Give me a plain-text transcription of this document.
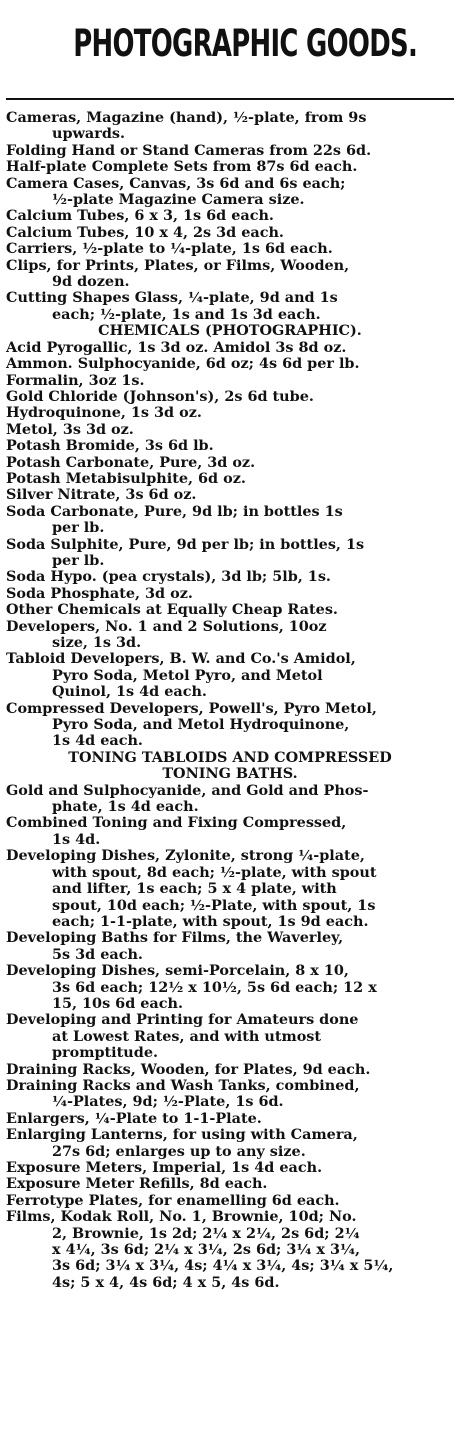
PHOTOGRAPHIC GOODS.

Cameras, Magazine (hand), ½-plate, from 9s
upwards.

Folding Hand or Stand Cameras from 22s 6d.

Half-plate Complete Sets from 87s 6d each.

Camera Cases, Canvas, 3s 6d and 6s each;
½-plate Magazine Camera size.

Calcium Tubes, 6 x 3, 1s 6d each.

Calcium Tubes, 10 x 4, 2s 3d each.

Carriers, ½-plate to ¼-plate, 1s 6d each.

Clips, for Prints, Plates, or Films, Wooden,
9d dozen.

Cutting Shapes Glass, ¼-plate, 9d and 1s
each; ½-plate, 1s and 1s 3d each.

CHEMICALS (PHOTOGRAPHIC).

Acid Pyrogallic, 1s 3d oz. Amidol 3s 8d oz.

Ammon. Sulphocyanide, 6d oz; 4s 6d per lb.

Formalin, 3oz 1s.

Gold Chloride (Johnson's), 2s 6d tube.

Hydroquinone, 1s 3d oz.

Metol, 3s 3d oz.

Potash Bromide, 3s 6d lb.

Potash Carbonate, Pure, 3d oz.

Potash Metabisulphite, 6d oz.

Silver Nitrate, 3s 6d oz.

Soda Carbonate, Pure, 9d lb; in bottles 1s
per lb.

Soda Sulphite, Pure, 9d per lb; in bottles, 1s
per lb.

Soda Hypo. (pea crystals), 3d lb; 5lb, 1s.

Soda Phosphate, 3d oz.

Other Chemicals at Equally Cheap Rates.

Developers, No. 1 and 2 Solutions, 10oz
size, 1s 3d.

Tabloid Developers, B. W. and Co.'s Amidol,
Pyro Soda, Metol Pyro, and Metol
Quinol, 1s 4d each.

Compressed Developers, Powell's, Pyro Metol,
Pyro Soda, and Metol Hydroquinone,
1s 4d each.

TONING TABLOIDS AND COMPRESSED

TONING BATHS.

Gold and Sulphocyanide, and Gold and Phos-
phate, 1s 4d each.

Combined Toning and Fixing Compressed,
1s 4d.

Developing Dishes, Zylonite, strong ¼-plate,
with spout, 8d each; ½-plate, with spout
and lifter, 1s each; 5 x 4 plate, with
spout, 10d each; ½-Plate, with spout, 1s
each; 1-1-plate, with spout, 1s 9d each.

Developing Baths for Films, the Waverley,
5s 3d each.

Developing Dishes, semi-Porcelain, 8 x 10,
3s 6d each; 12½ x 10½, 5s 6d each; 12 x
15, 10s 6d each.

Developing and Printing for Amateurs done
at Lowest Rates, and with utmost
promptitude.

Draining Racks, Wooden, for Plates, 9d each.

Draining Racks and Wash Tanks, combined,
¼-Plates, 9d; ½-Plate, 1s 6d.

Enlargers, ¼-Plate to 1-1-Plate.

Enlarging Lanterns, for using with Camera,
27s 6d; enlarges up to any size.

Exposure Meters, Imperial, 1s 4d each.

Exposure Meter Refills, 8d each.

Ferrotype Plates, for enamelling 6d each.

Films, Kodak Roll, No. 1, Brownie, 10d; No.
2, Brownie, 1s 2d; 2¼ x 2¼, 2s 6d; 2¼
x 4¼, 3s 6d; 2¼ x 3¼, 2s 6d; 3¼ x 3¼,
3s 6d; 3¼ x 3¼, 4s; 4¼ x 3¼, 4s; 3¼ x 5¼,
4s; 5 x 4, 4s 6d; 4 x 5, 4s 6d.
